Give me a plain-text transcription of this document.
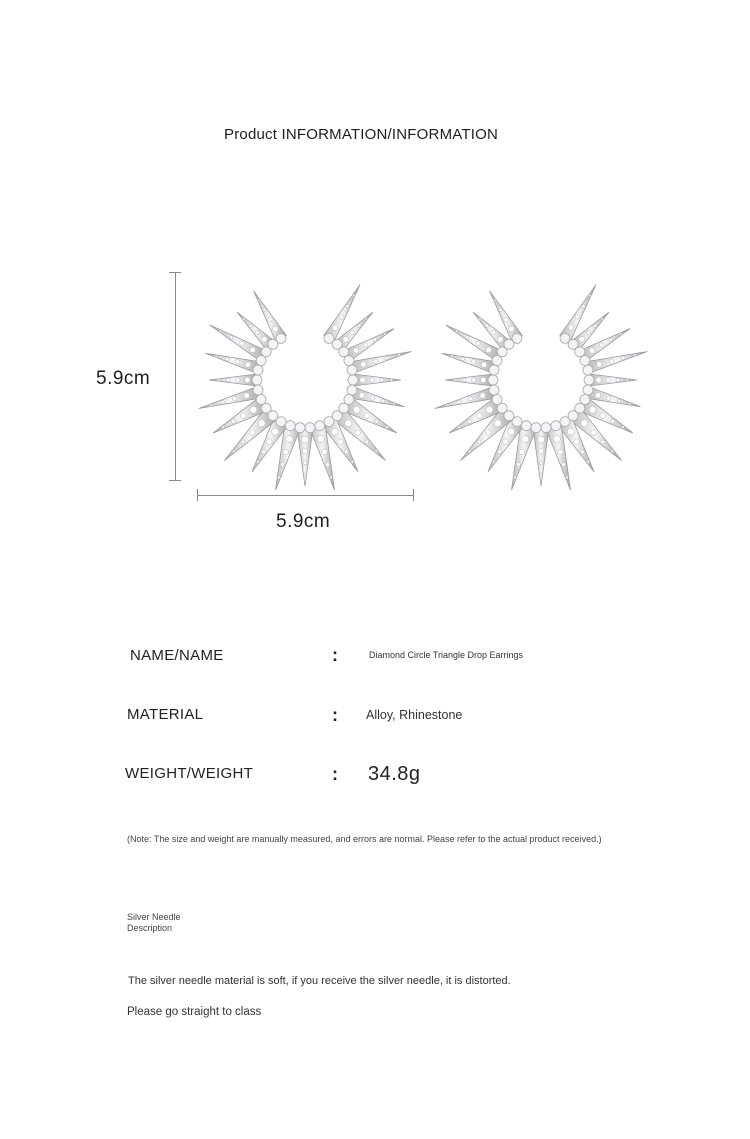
Product INFORMATION/INFORMATION
5.9cm
5.9cm
NAME/NAME	:	Diamond Circle Triangle Drop Earrings
MATERIAL	: Alloy, Rhinestone
WEIGHT/WEIGHT	: 34.8g
(Note: The size and weight are manually measured, and errors are normal. Please refer to the actual product received.)
Silver Needle
Description
The silver needle material is soft, if you receive the silver needle, it is distorted.
Please go straight to class
